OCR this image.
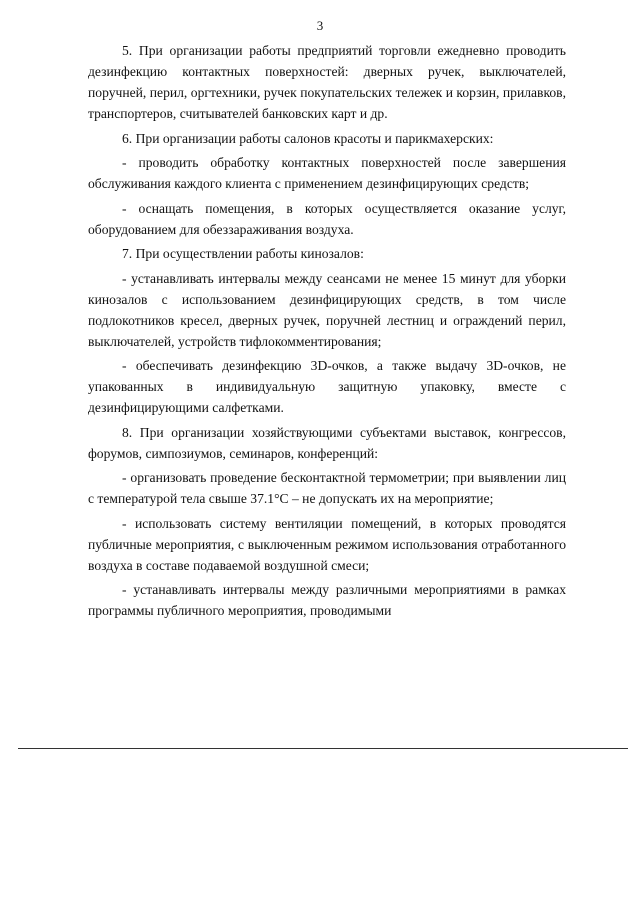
3

5. При организации работы предприятий торговли ежедневно проводить дезинфекцию контактных поверхностей: дверных ручек, выключателей, поручней, перил, оргтехники, ручек покупательских тележек и корзин, прилавков, транспортеров, считывателей банковских карт и др.

6. При организации работы салонов красоты и парикмахерских:

- проводить обработку контактных поверхностей после завершения обслуживания каждого клиента с применением дезинфицирующих средств;

- оснащать помещения, в которых осуществляется оказание услуг, оборудованием для обеззараживания воздуха.

7. При осуществлении работы кинозалов:

- устанавливать интервалы между сеансами не менее 15 минут для уборки кинозалов с использованием дезинфицирующих средств, в том числе подлокотников кресел, дверных ручек, поручней лестниц и ограждений перил, выключателей, устройств тифлокомментирования;

- обеспечивать дезинфекцию 3D-очков, а также выдачу 3D-очков, не упакованных в индивидуальную защитную упаковку, вместе с дезинфицирующими салфетками.

8. При организации хозяйствующими субъектами выставок, конгрессов, форумов, симпозиумов, семинаров, конференций:

- организовать проведение бесконтактной термометрии; при выявлении лиц с температурой тела свыше 37.1°С – не допускать их на мероприятие;

- использовать систему вентиляции помещений, в которых проводятся публичные мероприятия, с выключенным режимом использования отработанного воздуха в составе подаваемой воздушной смеси;

- устанавливать интервалы между различными мероприятиями в рамках программы публичного мероприятия, проводимыми
